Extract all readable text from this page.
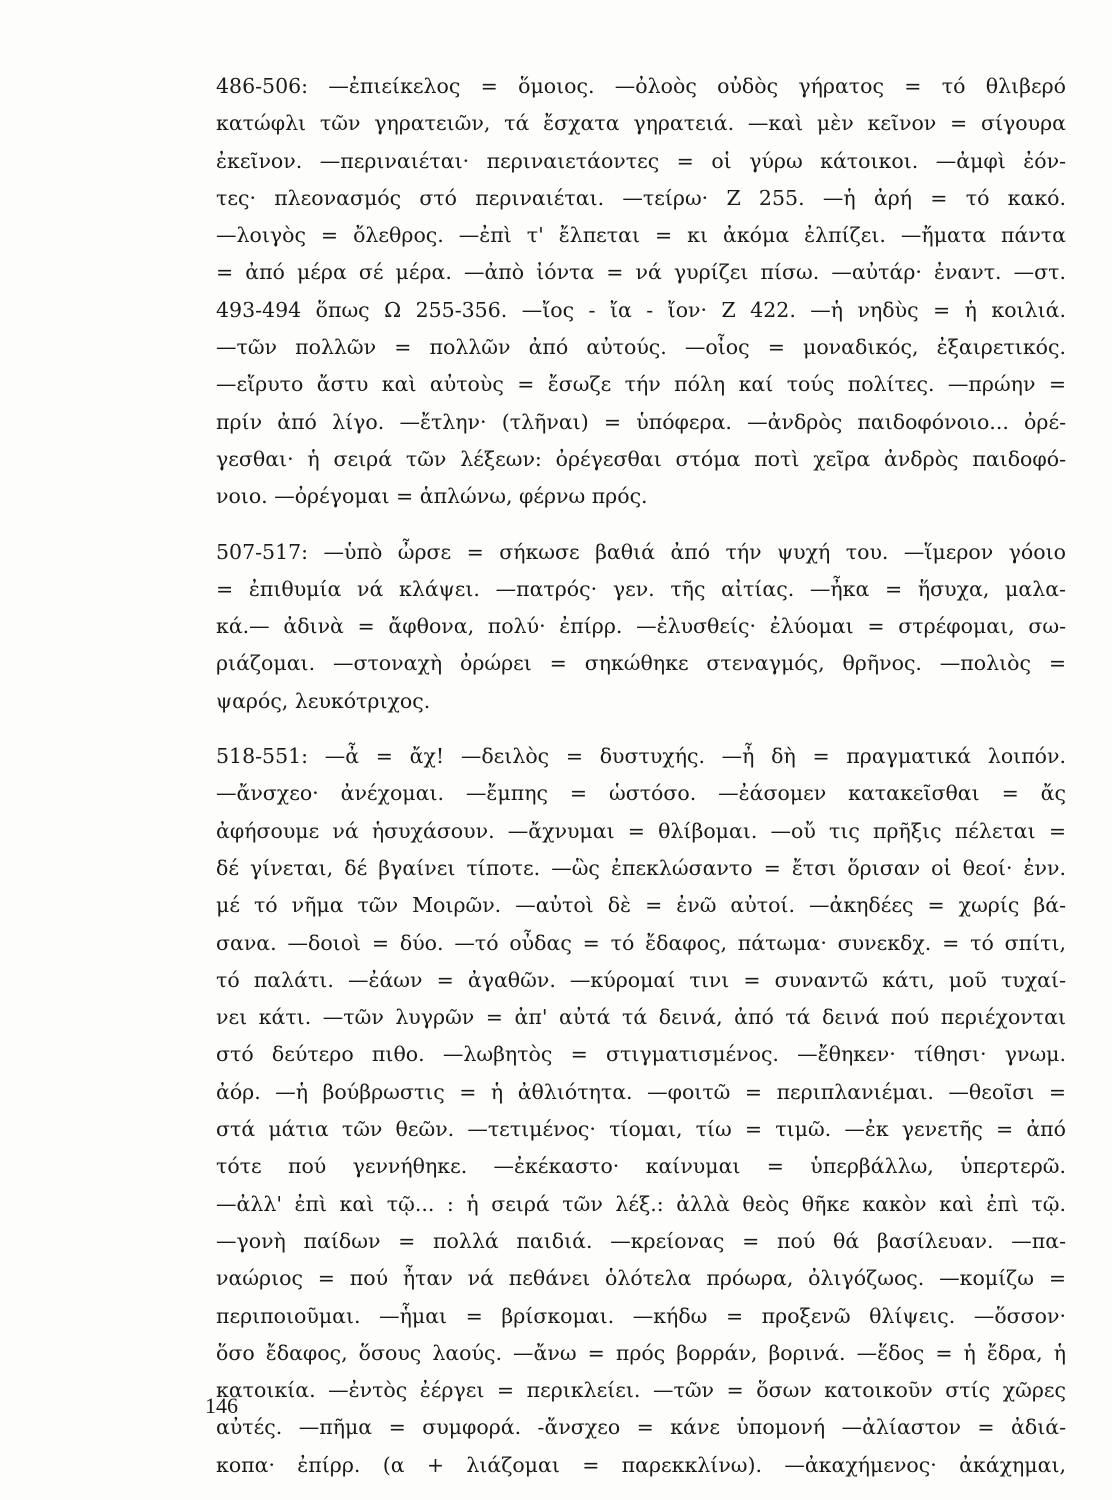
486-506: —ἐπιείκελος = ὅμοιος. —ὀλοὸς οὐδὸς γήρατος = τό θλιβερό
κατώφλι τῶν γηρατειῶν, τά ἔσχατα γηρατειά. —καὶ μὲν κεῖνον = σίγουρα
ἐκεῖνον. —περιναιέται· περιναιετάοντες = οἱ γύρω κάτοικοι. —ἀμφὶ ἐόν-
τες· πλεονασμός στό περιναιέται. —τείρω· Ζ 255. —ἡ ἀρή = τό κακό.
—λοιγὸς = ὄλεθρος. —ἐπὶ τ' ἔλπεται = κι ἀκόμα ἐλπίζει. —ἤματα πάντα
= ἀπό μέρα σέ μέρα. —ἀπὸ ἰόντα = νά γυρίζει πίσω. —αὐτάρ· ἐναντ. —στ.
493-494 ὅπως Ω 255-356. —ἴος - ἴα - ἴον· Ζ 422. —ἡ νηδὺς = ἡ κοιλιά.
—τῶν πολλῶν = πολλῶν ἀπό αὐτούς. —οἶος = μοναδικός, ἐξαιρετικός.
—εἴρυτο ἄστυ καὶ αὐτοὺς = ἔσωζε τήν πόλη καί τούς πολίτες. —πρώην =
πρίν ἀπό λίγο. —ἔτλην· (τλῆναι) = ὑπόφερα. —ἀνδρὸς παιδοφόνοιο... ὀρέ-
γεσθαι· ἡ σειρά τῶν λέξεων: ὀρέγεσθαι στόμα ποτὶ χεῖρα ἀνδρὸς παιδοφό-
νοιο. —ὀρέγομαι = ἁπλώνω, φέρνω πρός.
507-517: —ὑπὸ ὦρσε = σήκωσε βαθιά ἀπό τήν ψυχή του. —ἵμερον γόοιο
= ἐπιθυμία νά κλάψει. —πατρός· γεν. τῆς αἰτίας. —ἦκα = ἥσυχα, μαλα-
κά.— ἀδινὰ = ἄφθονα, πολύ· ἐπίρρ. —ἐλυσθείς· ἐλύομαι = στρέφομαι, σω-
ριάζομαι. —στοναχὴ ὀρώρει = σηκώθηκε στεναγμός, θρῆνος. —πολιὸς =
ψαρός, λευκότριχος.
518-551: —ἆ = ἄχ! —δειλὸς = δυστυχής. —ἦ δὴ = πραγματικά λοιπόν.
—ἄνσχεο· ἀνέχομαι. —ἔμπης = ὡστόσο. —ἐάσομεν κατακεῖσθαι = ἄς
ἀφήσουμε νά ἡσυχάσουν. —ἄχνυμαι = θλίβομαι. —οὔ τις πρῆξις πέλεται =
δέ γίνεται, δέ βγαίνει τίποτε. —ὣς ἐπεκλώσαντο = ἔτσι ὅρισαν οἱ θεοί· ἐνν.
μέ τό νῆμα τῶν Μοιρῶν. —αὐτοὶ δὲ = ἐνῶ αὐτοί. —ἀκηδέες = χωρίς βά-
σανα. —δοιοὶ = δύο. —τό οὖδας = τό ἔδαφος, πάτωμα· συνεκδχ. = τό σπίτι,
τό παλάτι. —ἐάων = ἀγαθῶν. —κύρομαί τινι = συναντῶ κάτι, μοῦ τυχαί-
νει κάτι. —τῶν λυγρῶν = ἀπ' αὐτά τά δεινά, ἀπό τά δεινά πού περιέχονται
στό δεύτερο πιθο. —λωβητὸς = στιγματισμένος. —ἔθηκεν· τίθησι· γνωμ.
ἀόρ. —ἡ βούβρωστις = ἡ ἀθλιότητα. —φοιτῶ = περιπλανιέμαι. —θεοῖσι =
στά μάτια τῶν θεῶν. —τετιμένος· τίομαι, τίω = τιμῶ. —ἐκ γενετῆς = ἀπό
τότε πού γεννήθηκε. —ἐκέκαστο· καίνυμαι = ὑπερβάλλω, ὑπερτερῶ.
—ἀλλ' ἐπὶ καὶ τῷ... : ἡ σειρά τῶν λέξ.: ἀλλὰ θεὸς θῆκε κακὸν καὶ ἐπὶ τῷ.
—γονὴ παίδων = πολλά παιδιά. —κρείονας = πού θά βασίλευαν. —πα-
ναώριος = πού ἦταν νά πεθάνει ὁλότελα πρόωρα, ὀλιγόζωος. —κομίζω =
περιποιοῦμαι. —ἧμαι = βρίσκομαι. —κήδω = προξενῶ θλίψεις. —ὅσσον·
ὅσο ἔδαφος, ὅσους λαούς. —ἄνω = πρός βορράν, βορινά. —ἕδος = ἡ ἔδρα, ἡ
κατοικία. —ἐντὸς ἐέργει = περικλείει. —τῶν = ὅσων κατοικοῦν στίς χῶρες
αὐτές. —πῆμα = συμφορά. -ἄνσχεο = κάνε ὑπομονή —ἀλίαστον = ἀδιά-
κοπα· ἐπίρρ. (α + λιάζομαι = παρεκκλίνω). —ἀκαχήμενος· ἀκάχημαι,
146
